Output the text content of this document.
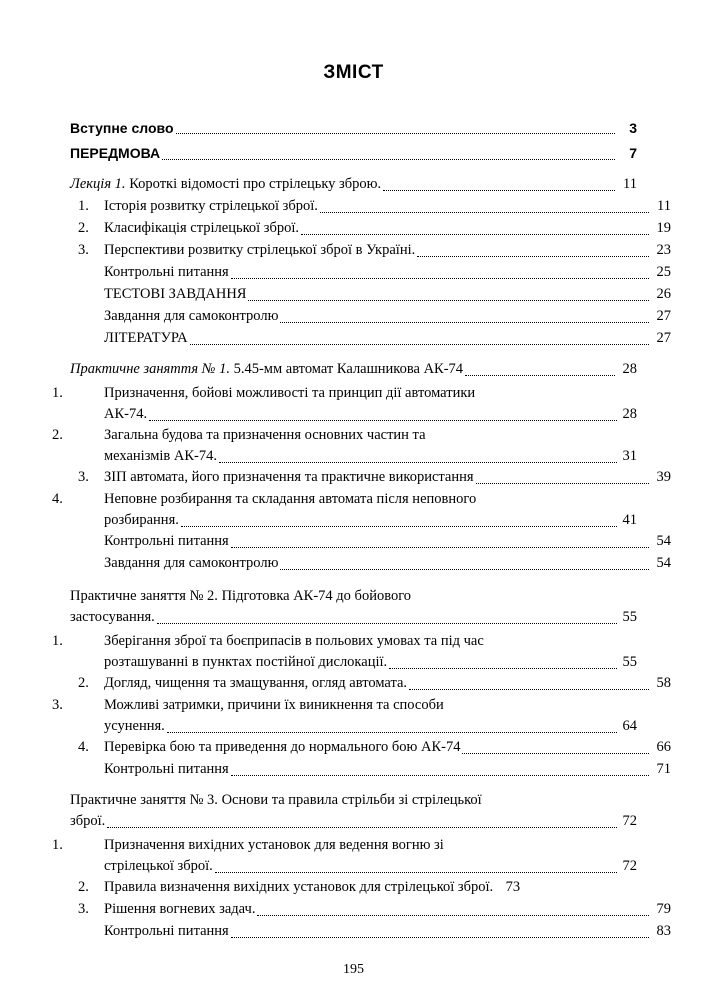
ЗМІСТ
Вступне слово	3
ПЕРЕДМОВА	7
Лекція 1. Короткі відомості про стрілецьку зброю.	11
1. Історія розвитку стрілецької зброї.	11
2. Класифікація стрілецької зброї.	19
3. Перспективи розвитку стрілецької зброї в Україні.	23
Контрольні питання	25
ТЕСТОВІ ЗАВДАННЯ	26
Завдання для самоконтролю	27
ЛІТЕРАТУРА	27
Практичне заняття № 1. 5.45-мм автомат Калашникова АК-74	28
1.	Призначення, бойові можливості та принцип дії автоматики
АК-74.	28
2.	Загальна будова та призначення основних частин та
механізмів АК-74.	31
3. ЗІП автомата, його призначення та практичне використання	39
4.	Неповне розбирання та складання автомата після неповного
розбирання.	41
Контрольні питання	54
Завдання для самоконтролю	54
Практичне заняття № 2. Підготовка АК-74 до бойового
застосування.	55
1.	Зберігання зброї та боєприпасів в польових умовах та під час
розташуванні в пунктах постійної дислокації.	55
2. Догляд, чищення та змащування, огляд автомата.	58
3.	Можливі затримки, причини їх виникнення та способи
усунення.	64
4. Перевірка бою та приведення до нормального бою АК-74	66
Контрольні питання	71
Практичне заняття № 3. Основи та правила стрільби зі стрілецької
зброї.	72
1.	Призначення вихідних установок для ведення вогню зі
стрілецької зброї.	72
2. Правила визначення вихідних установок для стрілецької зброї. 73
3. Рішення вогневих задач.	79
Контрольні питання	83
195
